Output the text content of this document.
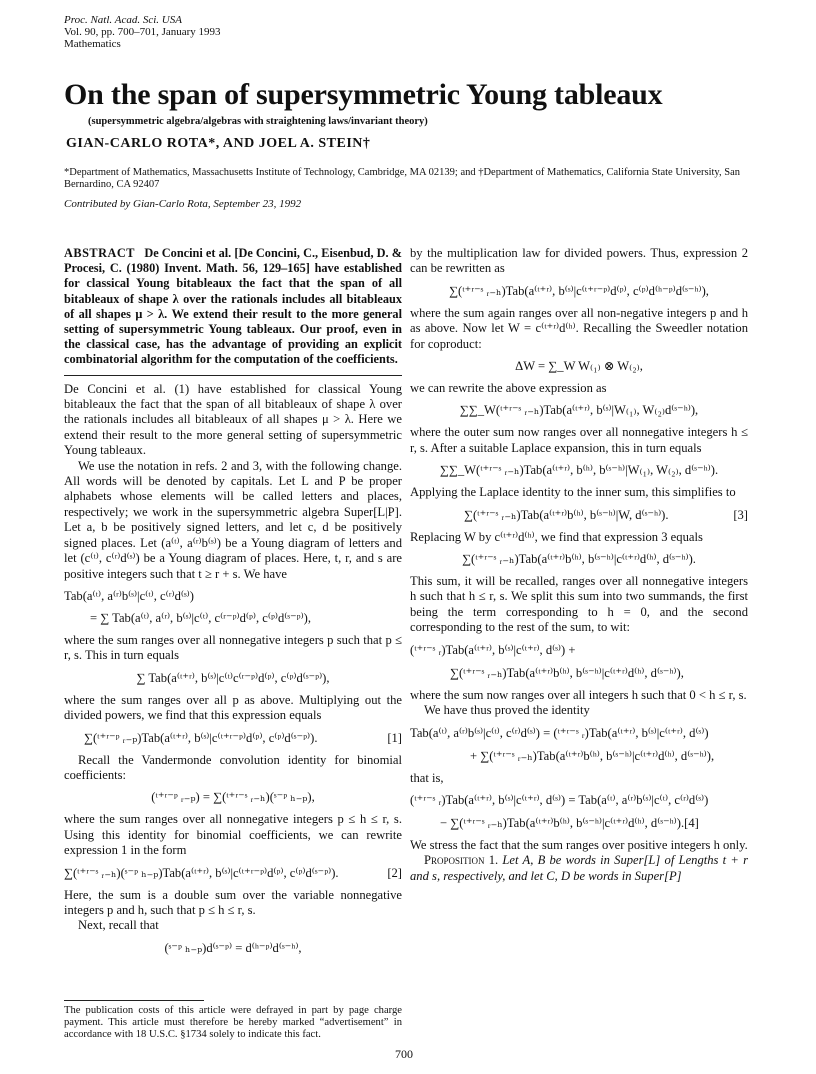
Proc. Natl. Acad. Sci. USA
Vol. 90, pp. 700–701, January 1993
Mathematics
On the span of supersymmetric Young tableaux
(supersymmetric algebra/algebras with straightening laws/invariant theory)
GIAN-CARLO ROTA*, AND JOEL A. STEIN†
*Department of Mathematics, Massachusetts Institute of Technology, Cambridge, MA 02139; and †Department of Mathematics, California State University, San Bernardino, CA 92407
Contributed by Gian-Carlo Rota, September 23, 1992

ABSTRACT De Concini et al. [De Concini, C., Eisenbud, D. & Procesi, C. (1980) Invent. Math. 56, 129–165] have established for classical Young bitableaux the fact that the span of all bitableaux of shape λ over the rationals includes all bitableaux of all shapes μ > λ. We extend their result to the more general setting of supersymmetric Young tableaux. Our proof, even in the classical case, has the advantage of providing an explicit combinatorial algorithm for the computation of the coefficients.

De Concini et al. (1) have established for classical Young bitableaux the fact that the span of all bitableaux of shape λ over the rationals includes all bitableaux of all shapes μ > λ. Here we extend their result to the more general setting of supersymmetric Young tableaux.

We use the notation in refs. 2 and 3, with the following change. All words will be denoted by capitals. Let L and P be proper alphabets whose elements will be called letters and places, respectively; we work in the supersymmetric algebra Super[L|P]. Let a, b be positively signed letters, and let c, d be positively signed places. Let (a⁽ᵗ⁾, a⁽ʳ⁾b⁽ˢ⁾) be a Young diagram of letters and let (c⁽ᵗ⁾, c⁽ʳ⁾d⁽ˢ⁾) be a Young diagram of places. Here, t, r, and s are positive integers such that t ≥ r + s. We have

Tab(a⁽ᵗ⁾, a⁽ʳ⁾b⁽ˢ⁾|c⁽ᵗ⁾, c⁽ʳ⁾d⁽ˢ⁾)
= ∑ Tab(a⁽ᵗ⁾, a⁽ʳ⁾, b⁽ˢ⁾|c⁽ᵗ⁾, c⁽ʳ⁻ᵖ⁾d⁽ᵖ⁾, c⁽ᵖ⁾d⁽ˢ⁻ᵖ⁾),

where the sum ranges over all nonnegative integers p such that p ≤ r, s. This in turn equals

∑ Tab(a⁽ᵗ⁺ʳ⁾, b⁽ˢ⁾|c⁽ᵗ⁾c⁽ʳ⁻ᵖ⁾d⁽ᵖ⁾, c⁽ᵖ⁾d⁽ˢ⁻ᵖ⁾),

where the sum ranges over all p as above. Multiplying out the divided powers, we find that this expression equals

∑(ᵗ⁺ʳ⁻ᵖ ᵣ₋ₚ)Tab(a⁽ᵗ⁺ʳ⁾, b⁽ˢ⁾|c⁽ᵗ⁺ʳ⁻ᵖ⁾d⁽ᵖ⁾, c⁽ᵖ⁾d⁽ˢ⁻ᵖ⁾).	[1]

Recall the Vandermonde convolution identity for binomial coefficients:

(ᵗ⁺ʳ⁻ᵖ ᵣ₋ₚ) = ∑(ᵗ⁺ʳ⁻ˢ ᵣ₋ₕ)(ˢ⁻ᵖ ₕ₋ₚ),

where the sum ranges over all nonnegative integers p ≤ h ≤ r, s. Using this identity for binomial coefficients, we can rewrite expression 1 in the form

∑(ᵗ⁺ʳ⁻ˢ ᵣ₋ₕ)(ˢ⁻ᵖ ₕ₋ₚ)Tab(a⁽ᵗ⁺ʳ⁾, b⁽ˢ⁾|c⁽ᵗ⁺ʳ⁻ᵖ⁾d⁽ᵖ⁾, c⁽ᵖ⁾d⁽ˢ⁻ᵖ⁾).	[2]

Here, the sum is a double sum over the variable nonnegative integers p and h, such that p ≤ h ≤ r, s.

Next, recall that

(ˢ⁻ᵖ ₕ₋ₚ)d⁽ˢ⁻ᵖ⁾ = d⁽ʰ⁻ᵖ⁾d⁽ˢ⁻ʰ⁾,

by the multiplication law for divided powers. Thus, expression 2 can be rewritten as

∑(ᵗ⁺ʳ⁻ˢ ᵣ₋ₕ)Tab(a⁽ᵗ⁺ʳ⁾, b⁽ˢ⁾|c⁽ᵗ⁺ʳ⁻ᵖ⁾d⁽ᵖ⁾, c⁽ᵖ⁾d⁽ʰ⁻ᵖ⁾d⁽ˢ⁻ʰ⁾),

where the sum again ranges over all non-negative integers p and h as above. Now let W = c⁽ᵗ⁺ʳ⁾d⁽ʰ⁾. Recalling the Sweedler notation for coproduct:

ΔW = ∑_W W₍₁₎ ⊗ W₍₂₎,

we can rewrite the above expression as

∑∑_W(ᵗ⁺ʳ⁻ˢ ᵣ₋ₕ)Tab(a⁽ᵗ⁺ʳ⁾, b⁽ˢ⁾|W₍₁₎, W₍₂₎d⁽ˢ⁻ʰ⁾),

where the outer sum now ranges over all nonnegative integers h ≤ r, s. After a suitable Laplace expansion, this in turn equals

∑∑_W(ᵗ⁺ʳ⁻ˢ ᵣ₋ₕ)Tab(a⁽ᵗ⁺ʳ⁾, b⁽ʰ⁾, b⁽ˢ⁻ʰ⁾|W₍₁₎, W₍₂₎, d⁽ˢ⁻ʰ⁾).

Applying the Laplace identity to the inner sum, this simplifies to

∑(ᵗ⁺ʳ⁻ˢ ᵣ₋ₕ)Tab(a⁽ᵗ⁺ʳ⁾b⁽ʰ⁾, b⁽ˢ⁻ʰ⁾|W, d⁽ˢ⁻ʰ⁾).	[3]

Replacing W by c⁽ᵗ⁺ʳ⁾d⁽ʰ⁾, we find that expression 3 equals

∑(ᵗ⁺ʳ⁻ˢ ᵣ₋ₕ)Tab(a⁽ᵗ⁺ʳ⁾b⁽ʰ⁾, b⁽ˢ⁻ʰ⁾|c⁽ᵗ⁺ʳ⁾d⁽ʰ⁾, d⁽ˢ⁻ʰ⁾).

This sum, it will be recalled, ranges over all nonnegative integers h such that h ≤ r, s. We split this sum into two summands, the first being the term corresponding to h = 0, and the second corresponding to the rest of the sum, to wit:

(ᵗ⁺ʳ⁻ˢ ᵣ)Tab(a⁽ᵗ⁺ʳ⁾, b⁽ˢ⁾|c⁽ᵗ⁺ʳ⁾, d⁽ˢ⁾) +
∑(ᵗ⁺ʳ⁻ˢ ᵣ₋ₕ)Tab(a⁽ᵗ⁺ʳ⁾b⁽ʰ⁾, b⁽ˢ⁻ʰ⁾|c⁽ᵗ⁺ʳ⁾d⁽ʰ⁾, d⁽ˢ⁻ʰ⁾),

where the sum now ranges over all integers h such that 0 < h ≤ r, s.

We have thus proved the identity

Tab(a⁽ᵗ⁾, a⁽ʳ⁾b⁽ˢ⁾|c⁽ᵗ⁾, c⁽ʳ⁾d⁽ˢ⁾) = (ᵗ⁺ʳ⁻ˢ ᵣ)Tab(a⁽ᵗ⁺ʳ⁾, b⁽ˢ⁾|c⁽ᵗ⁺ʳ⁾, d⁽ˢ⁾)
+ ∑(ᵗ⁺ʳ⁻ˢ ᵣ₋ₕ)Tab(a⁽ᵗ⁺ʳ⁾b⁽ʰ⁾, b⁽ˢ⁻ʰ⁾|c⁽ᵗ⁺ʳ⁾d⁽ʰ⁾, d⁽ˢ⁻ʰ⁾),

that is,

(ᵗ⁺ʳ⁻ˢ ᵣ)Tab(a⁽ᵗ⁺ʳ⁾, b⁽ˢ⁾|c⁽ᵗ⁺ʳ⁾, d⁽ˢ⁾) = Tab(a⁽ᵗ⁾, a⁽ʳ⁾b⁽ˢ⁾|c⁽ᵗ⁾, c⁽ʳ⁾d⁽ˢ⁾)
− ∑(ᵗ⁺ʳ⁻ˢ ᵣ₋ₕ)Tab(a⁽ᵗ⁺ʳ⁾b⁽ʰ⁾, b⁽ˢ⁻ʰ⁾|c⁽ᵗ⁺ʳ⁾d⁽ʰ⁾, d⁽ˢ⁻ʰ⁾).[4]

We stress the fact that the sum ranges over positive integers h only.

Proposition 1. Let A, B be words in Super[L] of Lengths t + r and s, respectively, and let C, D be words in Super[P]

The publication costs of this article were defrayed in part by page charge payment. This article must therefore be hereby marked “advertisement” in accordance with 18 U.S.C. §1734 solely to indicate this fact.

700
